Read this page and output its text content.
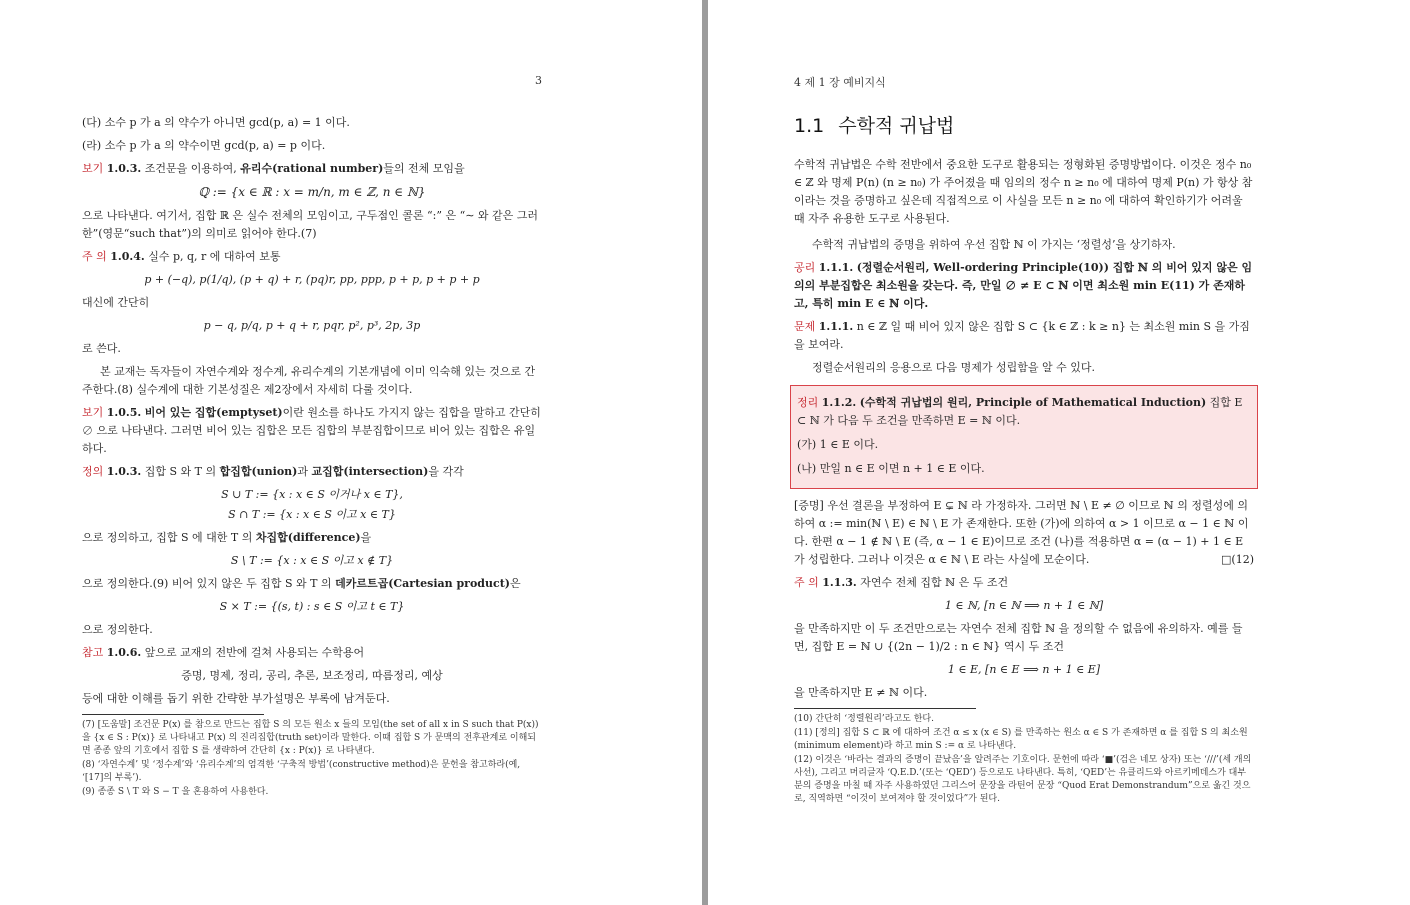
3

(다) 소수 p 가 a 의 약수가 아니면 gcd(p, a) = 1 이다.

(라) 소수 p 가 a 의 약수이면 gcd(p, a) = p 이다.

보기 1.0.3. 조건문을 이용하여, 유리수(rational number)들의 전체 모임을

ℚ := {x ∈ ℝ : x = m/n, m ∈ ℤ, n ∈ ℕ}

으로 나타낸다. 여기서, 집합 ℝ 은 실수 전체의 모임이고, 구두점인 콜론 “:” 은 “∼ 와 같은 그러한”(영문“such that”)의 의미로 읽어야 한다.(7)

주 의 1.0.4. 실수 p, q, r 에 대하여 보통

p + (−q), p(1/q), (p + q) + r, (pq)r, pp, ppp, p + p, p + p + p

대신에 간단히

p − q, p/q, p + q + r, pqr, p², p³, 2p, 3p

로 쓴다.

본 교재는 독자들이 자연수계와 정수계, 유리수계의 기본개념에 이미 익숙해 있는 것으로 간주한다.(8) 실수계에 대한 기본성질은 제2장에서 자세히 다룰 것이다.

보기 1.0.5. 비어 있는 집합(emptyset)이란 원소를 하나도 가지지 않는 집합을 말하고 간단히 ∅ 으로 나타낸다. 그러면 비어 있는 집합은 모든 집합의 부분집합이므로 비어 있는 집합은 유일하다.

정의 1.0.3. 집합 S 와 T 의 합집합(union)과 교집합(intersection)을 각각

S ∪ T := {x : x ∈ S 이거나 x ∈ T},
S ∩ T := {x : x ∈ S 이고 x ∈ T}

으로 정의하고, 집합 S 에 대한 T 의 차집합(difference)을

S \ T := {x : x ∈ S 이고 x ∉ T}

으로 정의한다.(9) 비어 있지 않은 두 집합 S 와 T 의 데카르트곱(Cartesian product)은

S × T := {(s, t) : s ∈ S 이고 t ∈ T}

으로 정의한다.

참고 1.0.6. 앞으로 교재의 전반에 걸쳐 사용되는 수학용어

증명, 명제, 정리, 공리, 추론, 보조정리, 따름정리, 예상

등에 대한 이해를 돕기 위한 간략한 부가설명은 부록에 남겨둔다.

(7) [도움말] 조건문 P(x) 를 참으로 만드는 집합 S 의 모든 원소 x 들의 모임(the set of all x in S such that P(x))을 {x ∈ S : P(x)} 로 나타내고 P(x) 의 진리집합(truth set)이라 말한다. 이때 집합 S 가 문맥의 전후관계로 이해되면 종종 앞의 기호에서 집합 S 를 생략하여 간단히 {x : P(x)} 로 나타낸다.

(8) ‘자연수계’ 및 ‘정수계’와 ‘유리수계’의 엄격한 ‘구축적 방법’(constructive method)은 문헌을 참고하라(예, ‘[17]의 부록’).

(9) 종종 S \ T 와 S − T 을 혼용하여 사용한다.

4 제 1 장 예비지식
1.1 수학적 귀납법

수학적 귀납법은 수학 전반에서 중요한 도구로 활용되는 정형화된 증명방법이다. 이것은 정수 n₀ ∈ ℤ 와 명제 P(n) (n ≥ n₀) 가 주어졌을 때 임의의 정수 n ≥ n₀ 에 대하여 명제 P(n) 가 항상 참이라는 것을 증명하고 싶은데 직접적으로 이 사실을 모든 n ≥ n₀ 에 대하여 확인하기가 어려울 때 자주 유용한 도구로 사용된다.

수학적 귀납법의 증명을 위하여 우선 집합 ℕ 이 가지는 ‘정렬성’을 상기하자.

공리 1.1.1. (정렬순서원리, Well-ordering Principle(10)) 집합 ℕ 의 비어 있지 않은 임의의 부분집합은 최소원을 갖는다. 즉, 만일 ∅ ≠ E ⊂ ℕ 이면 최소원 min E(11) 가 존재하고, 특히 min E ∈ ℕ 이다.

문제 1.1.1. n ∈ ℤ 일 때 비어 있지 않은 집합 S ⊂ {k ∈ ℤ : k ≥ n} 는 최소원 min S 을 가짐을 보여라.

정렬순서원리의 응용으로 다음 명제가 성립함을 알 수 있다.

정리 1.1.2. (수학적 귀납법의 원리, Principle of Mathematical Induction) 집합 E ⊂ ℕ 가 다음 두 조건을 만족하면 E = ℕ 이다.

(가) 1 ∈ E 이다.

(나) 만일 n ∈ E 이면 n + 1 ∈ E 이다.

[증명] 우선 결론을 부정하여 E ⊊ ℕ 라 가정하자. 그러면 ℕ \ E ≠ ∅ 이므로 ℕ 의 정렬성에 의하여 α := min(ℕ \ E) ∈ ℕ \ E 가 존재한다. 또한 (가)에 의하여 α > 1 이므로 α − 1 ∈ ℕ 이다. 한편 α − 1 ∉ ℕ \ E (즉, α − 1 ∈ E)이므로 조건 (나)를 적용하면 α = (α − 1) + 1 ∈ E 가 성립한다. 그러나 이것은 α ∈ ℕ \ E 라는 사실에 모순이다.	□(12)

주 의 1.1.3. 자연수 전체 집합 ℕ 은 두 조건

1 ∈ ℕ, [n ∈ ℕ ⟹ n + 1 ∈ ℕ]

을 만족하지만 이 두 조건만으로는 자연수 전체 집합 ℕ 을 정의할 수 없음에 유의하자. 예를 들면, 집합 E = ℕ ∪ {(2n − 1)/2 : n ∈ ℕ} 역시 두 조건

1 ∈ E, [n ∈ E ⟹ n + 1 ∈ E]

을 만족하지만 E ≠ ℕ 이다.

(10) 간단히 ‘정렬원리’라고도 한다.

(11) [정의] 집합 S ⊂ ℝ 에 대하여 조건 α ≤ x (x ∈ S) 를 만족하는 원소 α ∈ S 가 존재하면 α 를 집합 S 의 최소원(minimum element)라 하고 min S := α 로 나타낸다.

(12) 이것은 ‘바라는 결과의 증명이 끝났음’을 알려주는 기호이다. 문헌에 따라 ‘■’(검은 네모 상자) 또는 ‘///’(세 개의 사선), 그리고 머리글자 ‘Q.E.D.’(또는 ‘QED’) 등으로도 나타낸다. 특히, ‘QED’는 유클리드와 아르키메데스가 대부분의 증명을 마칠 때 자주 사용하였던 그리스어 문장을 라틴어 문장 “Quod Erat Demonstrandum”으로 옮긴 것으로, 직역하면 “이것이 보여져야 할 것이었다”가 된다.
